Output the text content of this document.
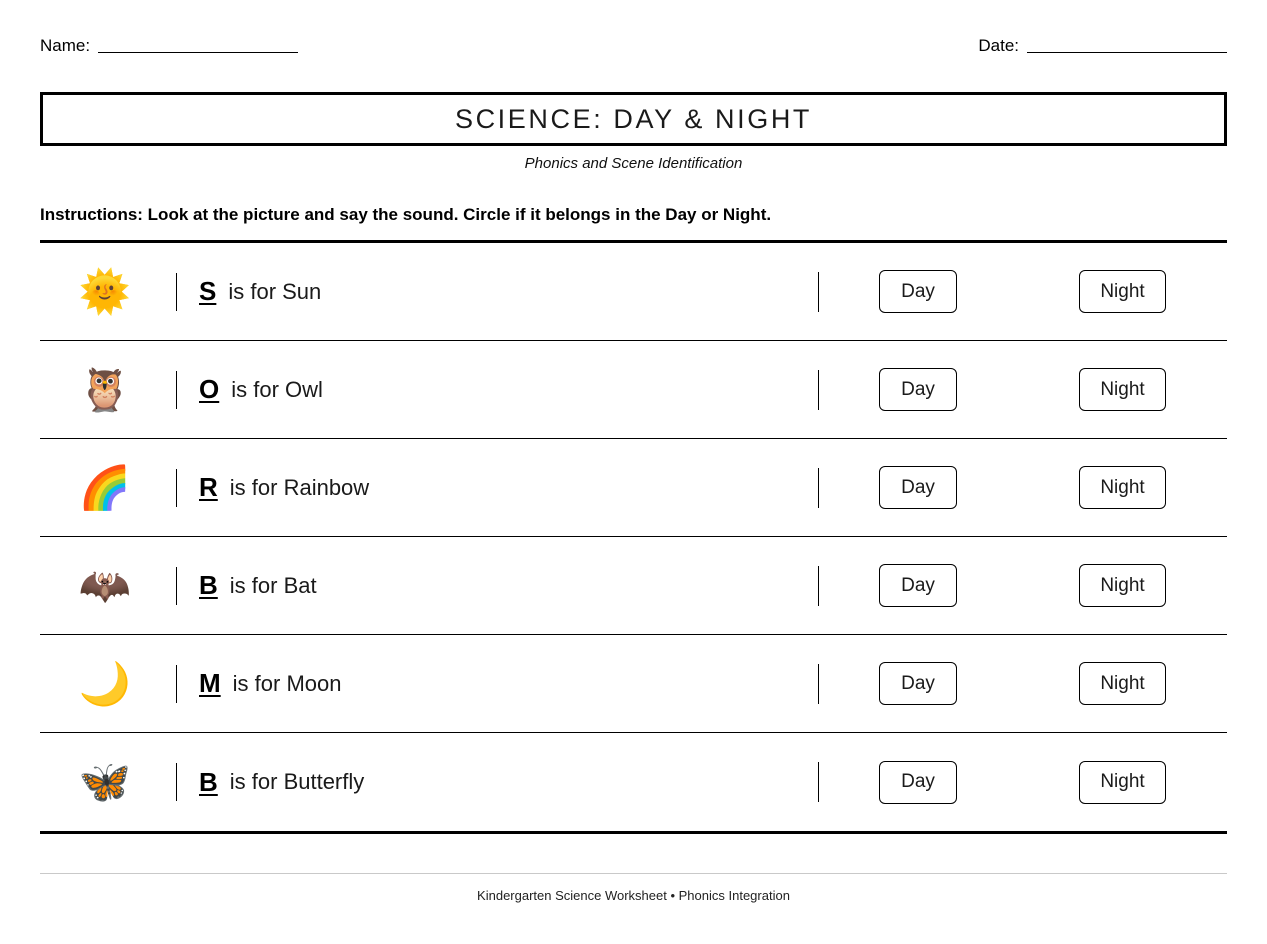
Name:	Date:
SCIENCE: DAY & NIGHT
Phonics and Scene Identification
Instructions: Look at the picture and say the sound. Circle if it belongs in the Day or Night.
🌞	S is for Sun	Day	Night
🦉	O is for Owl	Day	Night
🌈	R is for Rainbow	Day	Night
🦇	B is for Bat	Day	Night
🌙	M is for Moon	Day	Night
🦋	B is for Butterfly	Day	Night
Kindergarten Science Worksheet • Phonics Integration
